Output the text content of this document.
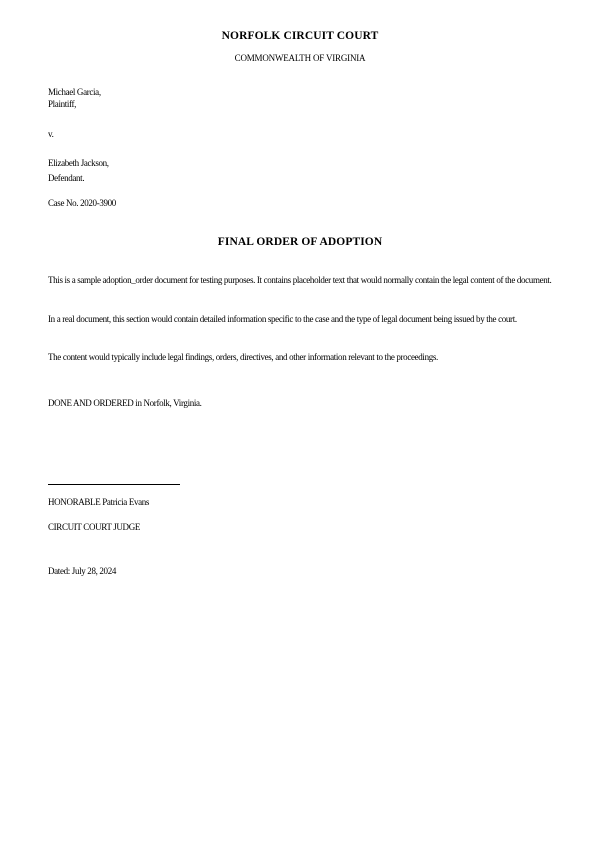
NORFOLK CIRCUIT COURT
COMMONWEALTH OF VIRGINIA
Michael Garcia,
Plaintiff,
v.
Elizabeth Jackson,
Defendant.
Case No. 2020-3900
FINAL ORDER OF ADOPTION
This is a sample adoption_order document for testing purposes. It contains placeholder text that would normally contain the legal content of the document.
In a real document, this section would contain detailed information specific to the case and the type of legal document being issued by the court.
The content would typically include legal findings, orders, directives, and other information relevant to the proceedings.
DONE AND ORDERED in Norfolk, Virginia.
HONORABLE Patricia Evans
CIRCUIT COURT JUDGE
Dated: July 28, 2024
